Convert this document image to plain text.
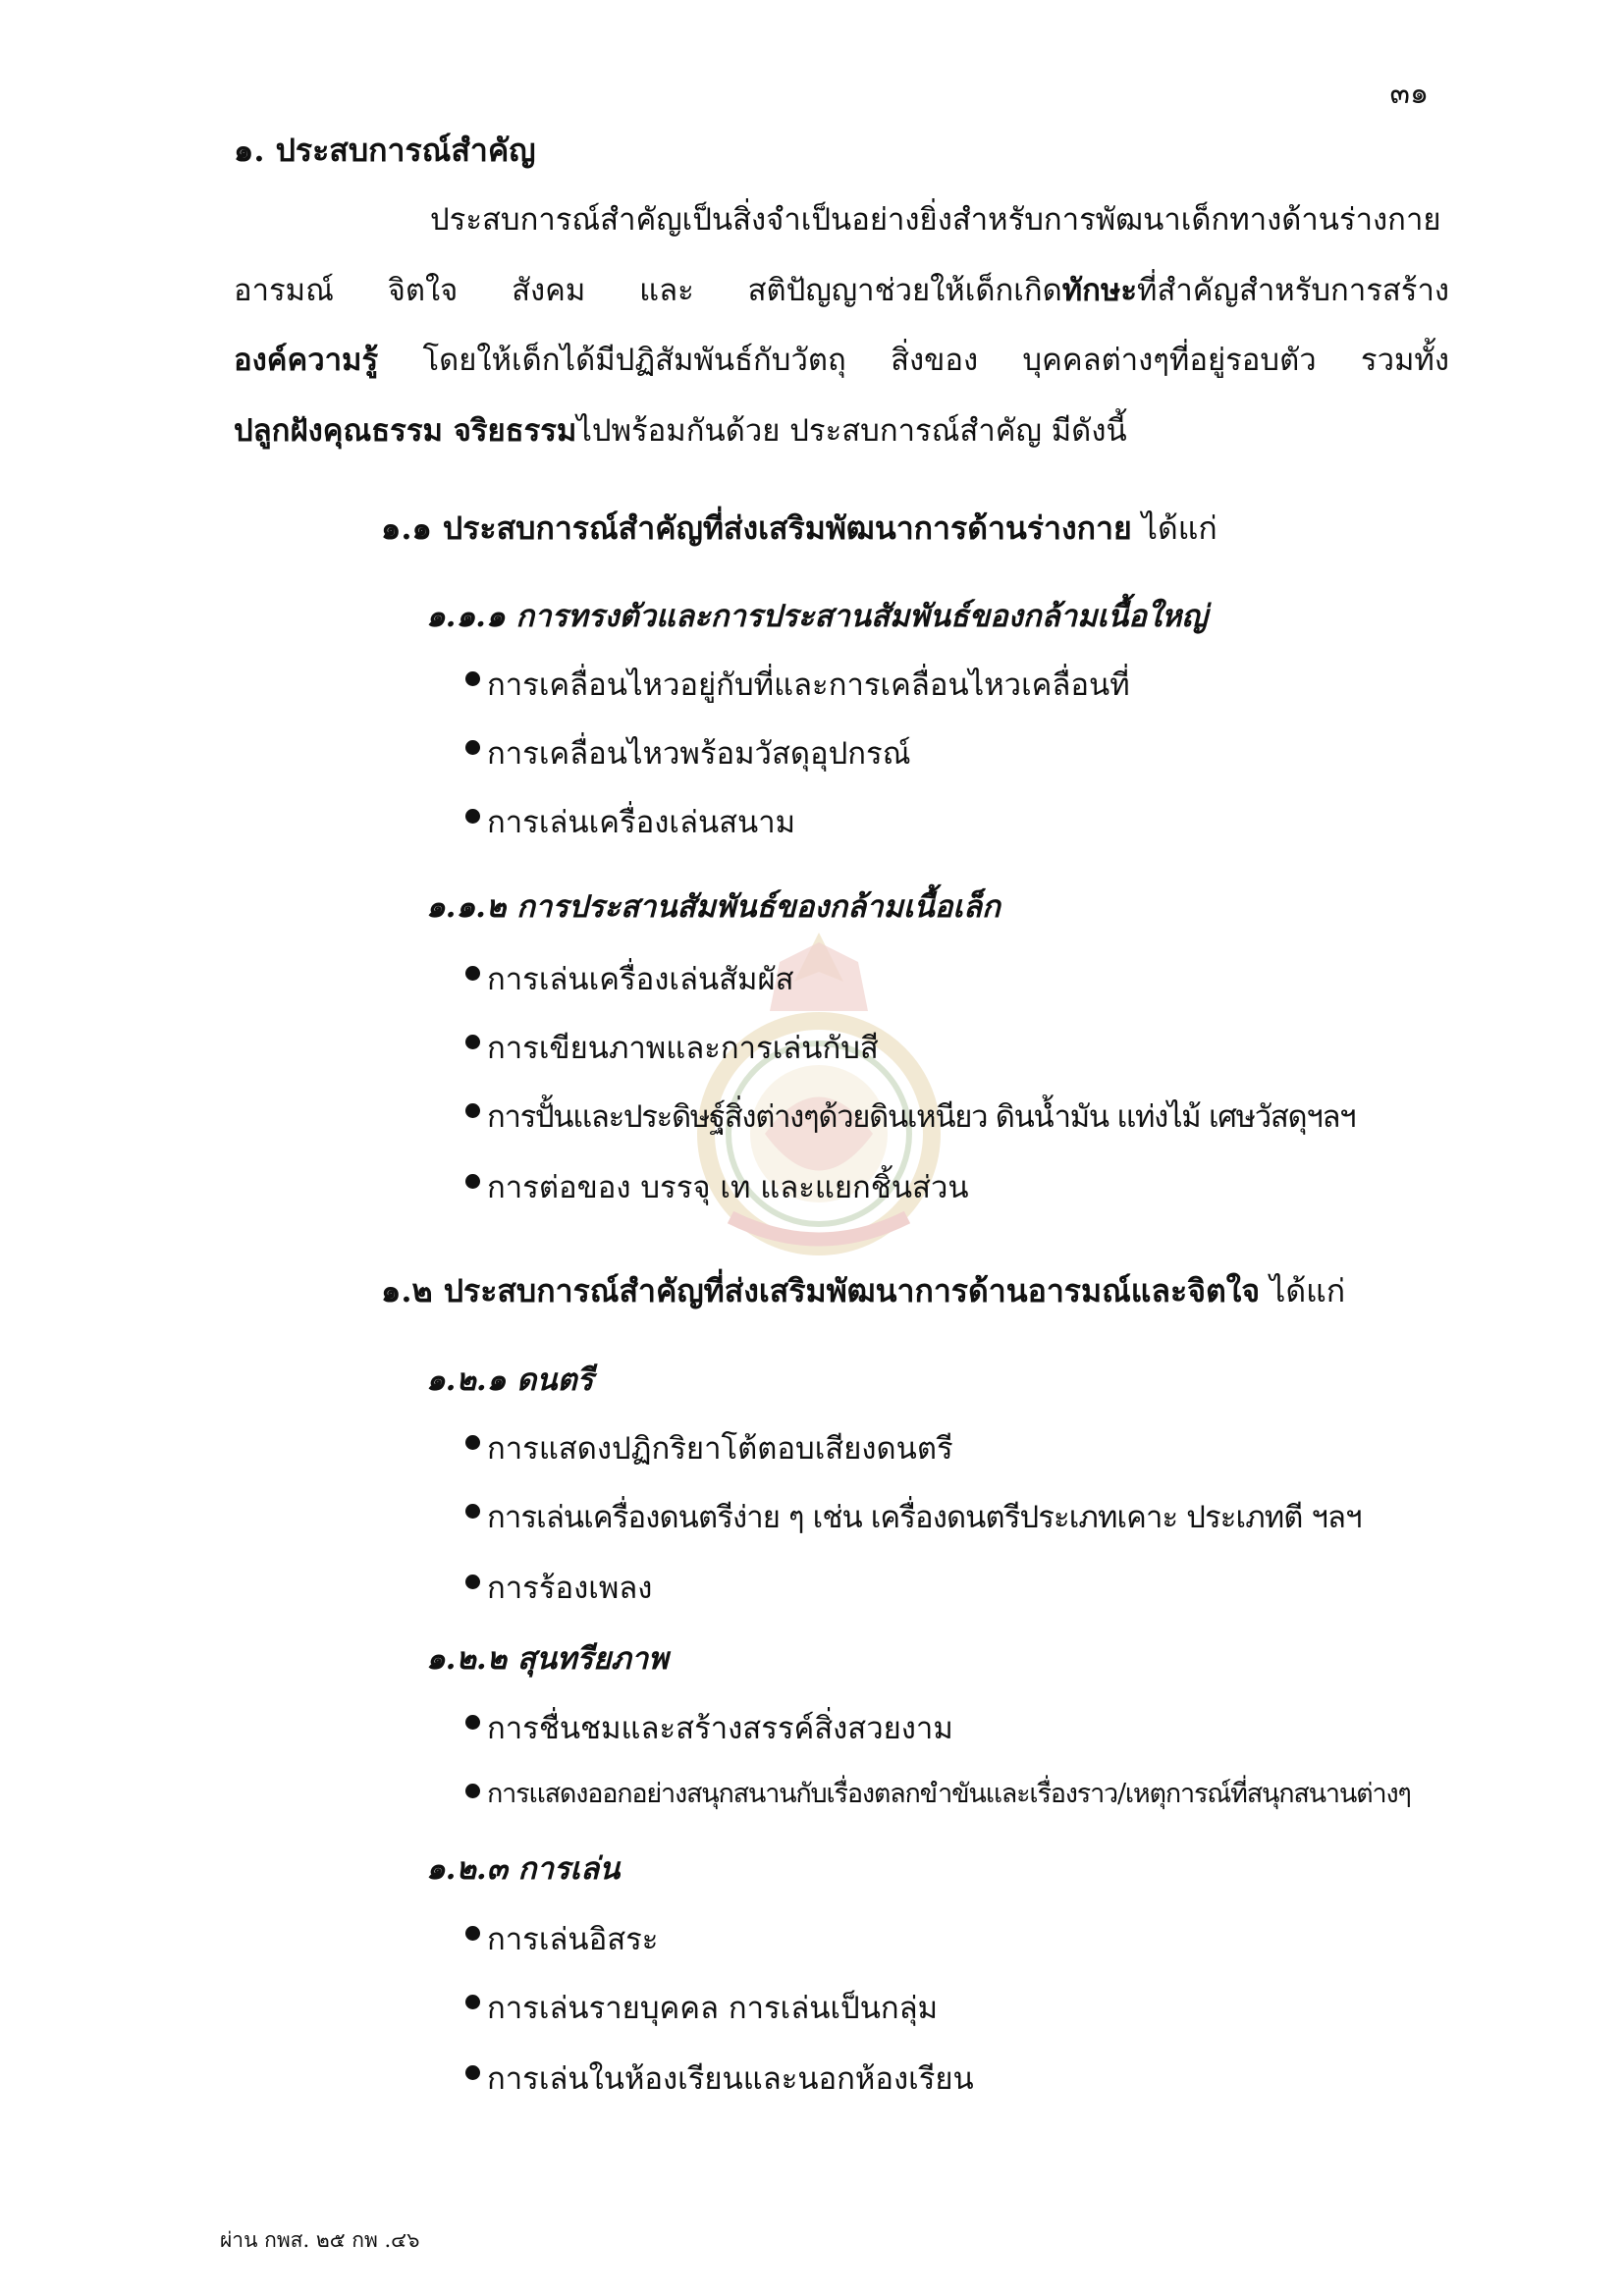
๓๑
๑. ประสบการณ์สำคัญ
ประสบการณ์สำคัญเป็นสิ่งจำเป็นอย่างยิ่งสำหรับการพัฒนาเด็กทางด้านร่างกาย
อารมณ์ จิตใจ สังคม และ สติปัญญาช่วยให้เด็กเกิดทักษะที่สำคัญสำหรับการสร้าง
องค์ความรู้ โดยให้เด็กได้มีปฏิสัมพันธ์กับวัตถุ สิ่งของ บุคคลต่างๆที่อยู่รอบตัว รวมทั้ง
ปลูกฝังคุณธรรม จริยธรรมไปพร้อมกันด้วย ประสบการณ์สำคัญ มีดังนี้
๑.๑ ประสบการณ์สำคัญที่ส่งเสริมพัฒนาการด้านร่างกาย ได้แก่
๑.๑.๑ การทรงตัวและการประสานสัมพันธ์ของกล้ามเนื้อใหญ่
การเคลื่อนไหวอยู่กับที่และการเคลื่อนไหวเคลื่อนที่
การเคลื่อนไหวพร้อมวัสดุอุปกรณ์
การเล่นเครื่องเล่นสนาม
๑.๑.๒ การประสานสัมพันธ์ของกล้ามเนื้อเล็ก
การเล่นเครื่องเล่นสัมผัส
การเขียนภาพและการเล่นกับสี
การปั้นและประดิษฐ์สิ่งต่างๆด้วยดินเหนียว ดินน้ำมัน แท่งไม้ เศษวัสดุฯลฯ
การต่อของ บรรจุ เท และแยกชิ้นส่วน
๑.๒ ประสบการณ์สำคัญที่ส่งเสริมพัฒนาการด้านอารมณ์และจิตใจ ได้แก่
๑.๒.๑ ดนตรี
การแสดงปฏิกริยาโต้ตอบเสียงดนตรี
การเล่นเครื่องดนตรีง่าย ๆ เช่น เครื่องดนตรีประเภทเคาะ ประเภทตี ฯลฯ
การร้องเพลง
๑.๒.๒ สุนทรียภาพ
การชื่นชมและสร้างสรรค์สิ่งสวยงาม
การแสดงออกอย่างสนุกสนานกับเรื่องตลกขำขันและเรื่องราว/เหตุการณ์ที่สนุกสนานต่างๆ
๑.๒.๓ การเล่น
การเล่นอิสระ
การเล่นรายบุคคล การเล่นเป็นกลุ่ม
การเล่นในห้องเรียนและนอกห้องเรียน
ผ่าน กพส. ๒๕ กพ .๔๖
